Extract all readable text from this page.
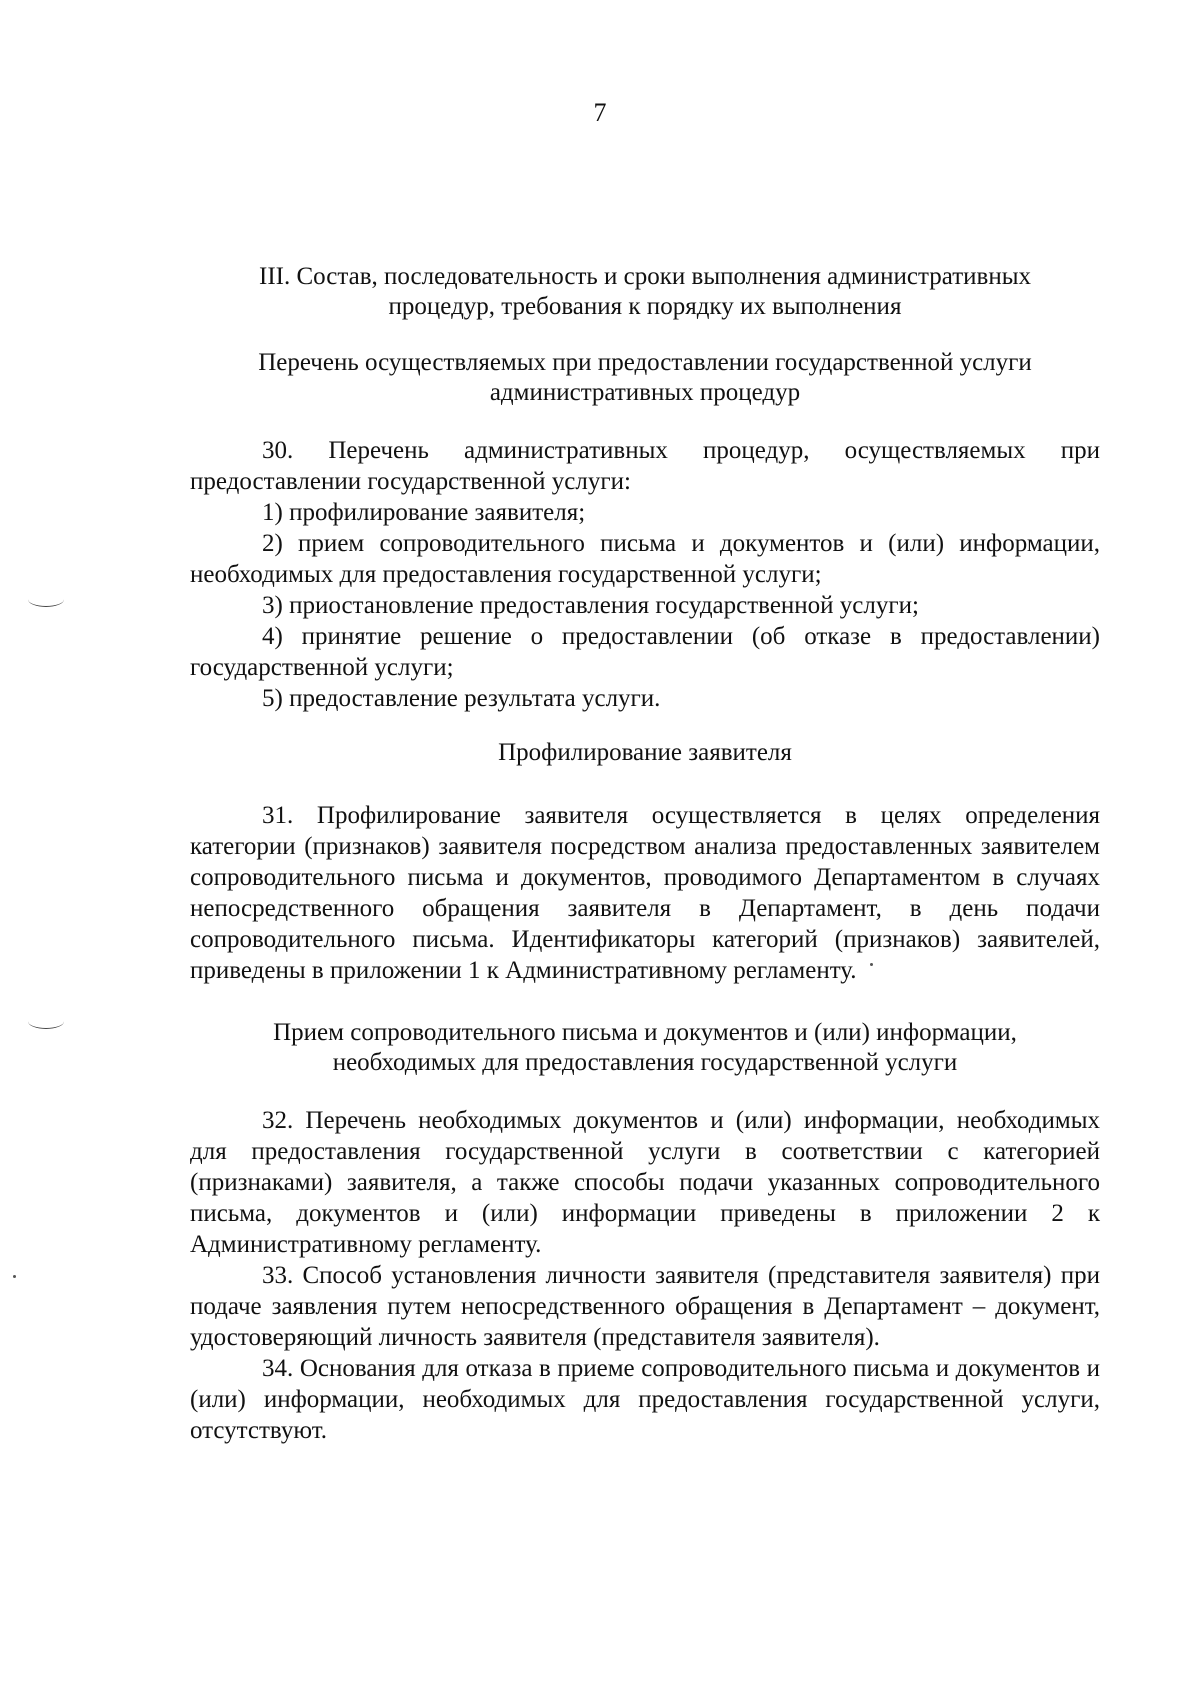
7
III. Состав, последовательность и сроки выполнения административных
процедур, требования к порядку их выполнения
Перечень осуществляемых при предоставлении государственной услуги
административных процедур
30. Перечень административных процедур, осуществляемых при предоставлении государственной услуги:
1) профилирование заявителя;
2) прием сопроводительного письма и документов и (или) информации, необходимых для предоставления государственной услуги;
3) приостановление предоставления государственной услуги;
4) принятие решение о предоставлении (об отказе в предоставлении) государственной услуги;
5) предоставление результата услуги.
Профилирование заявителя
31. Профилирование заявителя осуществляется в целях определения категории (признаков) заявителя посредством анализа предоставленных заявителем сопроводительного письма и документов, проводимого Департаментом в случаях непосредственного обращения заявителя в Департамент, в день подачи сопроводительного письма. Идентификаторы категорий (признаков) заявителей, приведены в приложении 1 к Административному регламенту.
Прием сопроводительного письма и документов и (или) информации,
необходимых для предоставления государственной услуги
32. Перечень необходимых документов и (или) информации, необходимых для предоставления государственной услуги в соответствии с категорией (признаками) заявителя, а также способы подачи указанных сопроводительного письма, документов и (или) информации приведены в приложении 2 к Административному регламенту.
33. Способ установления личности заявителя (представителя заявителя) при подаче заявления путем непосредственного обращения в Департамент – документ, удостоверяющий личность заявителя (представителя заявителя).
34. Основания для отказа в приеме сопроводительного письма и документов и (или) информации, необходимых для предоставления государственной услуги, отсутствуют.
